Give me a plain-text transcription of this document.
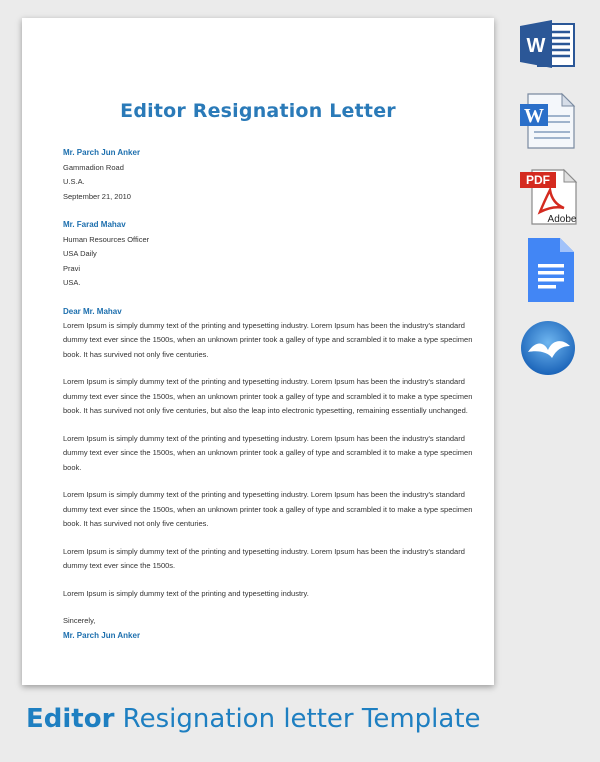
Editor Resignation Letter
Mr. Parch Jun Anker
Gammadion Road
U.S.A.
September 21, 2010
Mr. Farad Mahav
Human Resources Officer
USA Daily
Pravi
USA.
Dear Mr. Mahav
Lorem Ipsum is simply dummy text of the printing and typesetting industry. Lorem Ipsum has been the industry's standard
dummy text ever since the 1500s, when an unknown printer took a galley of type and scrambled it to make a type specimen
book. It has survived not only five centuries.
Lorem Ipsum is simply dummy text of the printing and typesetting industry. Lorem Ipsum has been the industry's standard
dummy text ever since the 1500s, when an unknown printer took a galley of type and scrambled it to make a type specimen
book. It has survived not only five centuries, but also the leap into electronic typesetting, remaining essentially unchanged.
Lorem Ipsum is simply dummy text of the printing and typesetting industry. Lorem Ipsum has been the industry's standard
dummy text ever since the 1500s, when an unknown printer took a galley of type and scrambled it to make a type specimen
book.
Lorem Ipsum is simply dummy text of the printing and typesetting industry. Lorem Ipsum has been the industry's standard
dummy text ever since the 1500s, when an unknown printer took a galley of type and scrambled it to make a type specimen
book. It has survived not only five centuries.
Lorem Ipsum is simply dummy text of the printing and typesetting industry. Lorem Ipsum has been the industry's standard
dummy text ever since the 1500s.
Lorem Ipsum is simply dummy text of the printing and typesetting industry.
Sincerely,
Mr. Parch Jun Anker
W
W
PDF
Adobe
Editor Resignation letter Template
